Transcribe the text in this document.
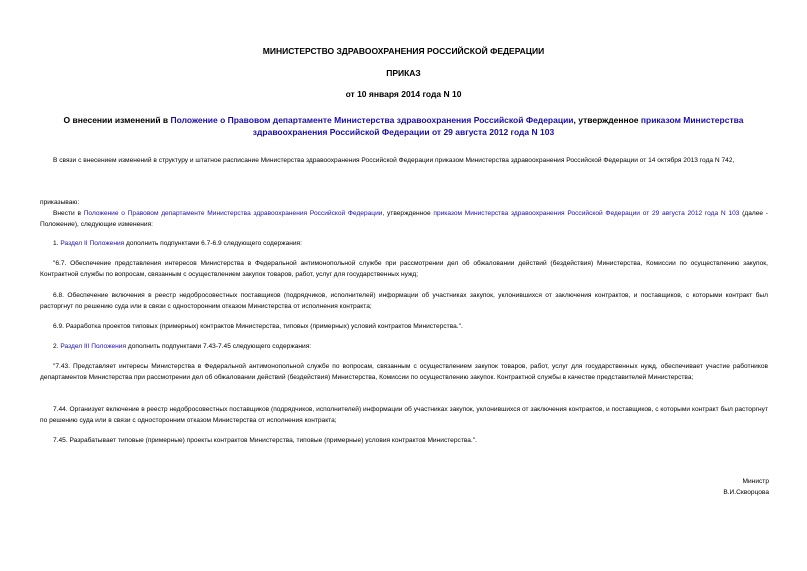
МИНИСТЕРСТВО ЗДРАВООХРАНЕНИЯ РОССИЙСКОЙ ФЕДЕРАЦИИ
ПРИКАЗ
от 10 января 2014 года N 10
О внесении изменений в Положение о Правовом департаменте Министерства здравоохранения Российской Федерации, утвержденное приказом Министерства здравоохранения Российской Федерации от 29 августа 2012 года N 103
В связи с внесением изменений в структуру и штатное расписание Министерства здравоохранения Российской Федерации приказом Министерства здравоохранения Российской Федерации от 14 октября 2013 года N 742,
приказываю:
Внести в Положение о Правовом департаменте Министерства здравоохранения Российской Федерации, утвержденное приказом Министерства здравоохранения Российской Федерации от 29 августа 2012 года N 103 (далее - Положение), следующие изменения:
1. Раздел II Положения дополнить подпунктами 6.7-6.9 следующего содержания:
"6.7. Обеспечение представления интересов Министерства в Федеральной антимонопольной службе при рассмотрении дел об обжаловании действий (бездействия) Министерства, Комиссии по осуществлению закупок, Контрактной службы по вопросам, связанным с осуществлением закупок товаров, работ, услуг для государственных нужд;
6.8. Обеспечение включения в реестр недобросовестных поставщиков (подрядчиков, исполнителей) информации об участниках закупок, уклонившихся от заключения контрактов, и поставщиков, с которыми контракт был расторгнут по решению суда или в связи с односторонним отказом Министерства от исполнения контракта;
6.9. Разработка проектов типовых (примерных) контрактов Министерства, типовых (примерных) условий контрактов Министерства.".
2. Раздел III Положения дополнить подпунктами 7.43-7.45 следующего содержания:
"7.43. Представляет интересы Министерства в Федеральной антимонопольной службе по вопросам, связанным с осуществлением закупок товаров, работ, услуг для государственных нужд, обеспечивает участие работников департаментов Министерства при рассмотрении дел об обжаловании действий (бездействия) Министерства, Комиссии по осуществлению закупок. Контрактной службы в качестве представителей Министерства;
7.44. Организует включение в реестр недобросовестных поставщиков (подрядчиков, исполнителей) информации об участниках закупок, уклонившихся от заключения контрактов, и поставщиков, с которыми контракт был расторгнут по решению суда или в связи с односторонним отказом Министерства от исполнения контракта;
7.45. Разрабатывает типовые (примерные) проекты контрактов Министерства, типовые (примерные) условия контрактов Министерства.".
Министр
В.И.Скворцова
